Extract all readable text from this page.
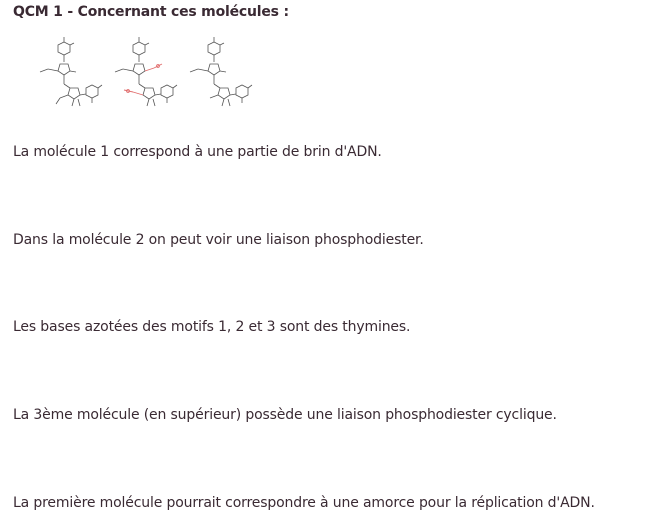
QCM 1 - Concernant ces molécules :
La molécule 1 correspond à une partie de brin d'ADN.
Dans la molécule 2 on peut voir une liaison phosphodiester.
Les bases azotées des motifs 1, 2 et 3 sont des thymines.
La 3ème molécule (en supérieur) possède une liaison phosphodiester cyclique.
La première molécule pourrait correspondre à une amorce pour la réplication d'ADN.
